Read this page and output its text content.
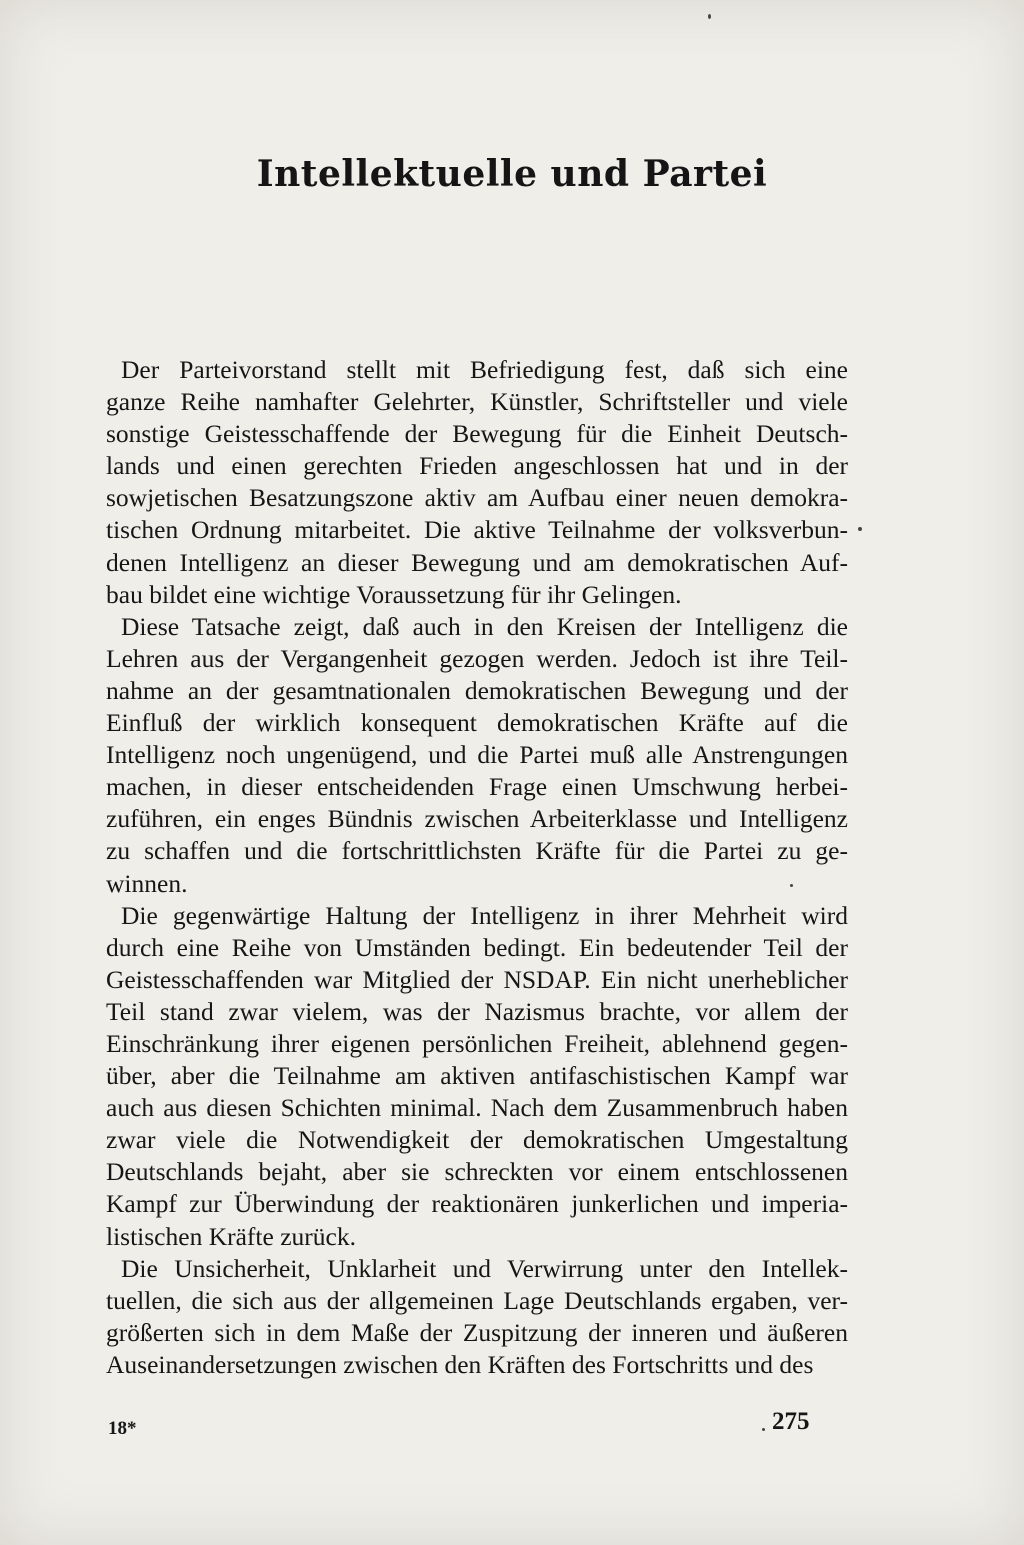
Intellektuelle und Partei
Der Parteivorstand stellt mit Befriedigung fest, daß sich eine
ganze Reihe namhafter Gelehrter, Künstler, Schriftsteller und viele
sonstige Geistesschaffende der Bewegung für die Einheit Deutsch-
lands und einen gerechten Frieden angeschlossen hat und in der
sowjetischen Besatzungszone aktiv am Aufbau einer neuen demokra-
tischen Ordnung mitarbeitet. Die aktive Teilnahme der volksverbun-
denen Intelligenz an dieser Bewegung und am demokratischen Auf-
bau bildet eine wichtige Voraussetzung für ihr Gelingen.
Diese Tatsache zeigt, daß auch in den Kreisen der Intelligenz die
Lehren aus der Vergangenheit gezogen werden. Jedoch ist ihre Teil-
nahme an der gesamtnationalen demokratischen Bewegung und der
Einfluß der wirklich konsequent demokratischen Kräfte auf die
Intelligenz noch ungenügend, und die Partei muß alle Anstrengungen
machen, in dieser entscheidenden Frage einen Umschwung herbei-
zuführen, ein enges Bündnis zwischen Arbeiterklasse und Intelligenz
zu schaffen und die fortschrittlichsten Kräfte für die Partei zu ge-
winnen.
Die gegenwärtige Haltung der Intelligenz in ihrer Mehrheit wird
durch eine Reihe von Umständen bedingt. Ein bedeutender Teil der
Geistesschaffenden war Mitglied der NSDAP. Ein nicht unerheblicher
Teil stand zwar vielem, was der Nazismus brachte, vor allem der
Einschränkung ihrer eigenen persönlichen Freiheit, ablehnend gegen-
über, aber die Teilnahme am aktiven antifaschistischen Kampf war
auch aus diesen Schichten minimal. Nach dem Zusammenbruch haben
zwar viele die Notwendigkeit der demokratischen Umgestaltung
Deutschlands bejaht, aber sie schreckten vor einem entschlossenen
Kampf zur Überwindung der reaktionären junkerlichen und imperia-
listischen Kräfte zurück.
Die Unsicherheit, Unklarheit und Verwirrung unter den Intellek-
tuellen, die sich aus der allgemeinen Lage Deutschlands ergaben, ver-
größerten sich in dem Maße der Zuspitzung der inneren und äußeren
Auseinandersetzungen zwischen den Kräften des Fortschritts und des
18*	275
